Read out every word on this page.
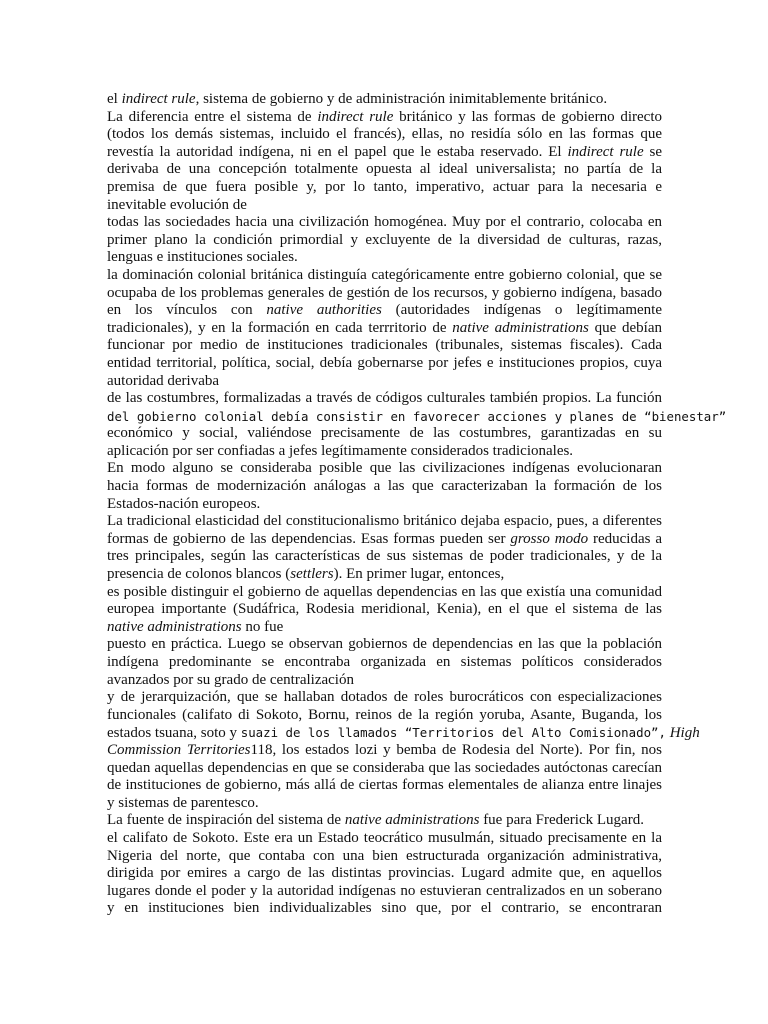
el indirect rule, sistema de gobierno y de administración inimitablemente británico.
La diferencia entre el sistema de indirect rule británico y las formas de gobierno directo
(todos los demás sistemas, incluido el francés), ellas, no residía sólo en las formas que
revestía la autoridad indígena, ni en el papel que le estaba reservado. El indirect rule se
derivaba de una concepción totalmente opuesta al ideal universalista; no partía de la
premisa de que fuera posible y, por lo tanto, imperativo, actuar para la necesaria e
inevitable evolución de
todas las sociedades hacia una civilización homogénea. Muy por el contrario, colocaba en
primer plano la condición primordial y excluyente de la diversidad de culturas, razas,
lenguas e instituciones sociales.
la dominación colonial británica distinguía categóricamente entre gobierno colonial, que se
ocupaba de los problemas generales de gestión de los recursos, y gobierno indígena, basado
en los vínculos con native authorities (autoridades indígenas o legítimamente
tradicionales), y en la formación en cada terrritorio de native administrations que debían
funcionar por medio de instituciones tradicionales (tribunales, sistemas fiscales). Cada
entidad territorial, política, social, debía gobernarse por jefes e instituciones propios, cuya
autoridad derivaba
de las costumbres, formalizadas a través de códigos culturales también propios. La función
del gobierno colonial debía consistir en favorecer acciones y planes de “bienestar”
económico y social, valiéndose precisamente de las costumbres, garantizadas en su
aplicación por ser confiadas a jefes legítimamente considerados tradicionales.
En modo alguno se consideraba posible que las civilizaciones indígenas evolucionaran
hacia formas de modernización análogas a las que caracterizaban la formación de los
Estados-nación europeos.
La tradicional elasticidad del constitucionalismo británico dejaba espacio, pues, a diferentes
formas de gobierno de las dependencias. Esas formas pueden ser grosso modo reducidas a
tres principales, según las características de sus sistemas de poder tradicionales, y de la
presencia de colonos blancos (settlers). En primer lugar, entonces,
es posible distinguir el gobierno de aquellas dependencias en las que existía una comunidad
europea importante (Sudáfrica, Rodesia meridional, Kenia), en el que el sistema de las
native administrations no fue
puesto en práctica. Luego se observan gobiernos de dependencias en las que la población
indígena predominante se encontraba organizada en sistemas políticos considerados
avanzados por su grado de centralización
y de jerarquización, que se hallaban dotados de roles burocráticos con especializaciones
funcionales (califato di Sokoto, Bornu, reinos de la región yoruba, Asante, Buganda, los
estados tsuana, soto y suazi de los llamados “Territorios del Alto Comisionado”, High
Commission Territories118, los estados lozi y bemba de Rodesia del Norte). Por fin, nos
quedan aquellas dependencias en que se consideraba que las sociedades autóctonas carecían
de instituciones de gobierno, más allá de ciertas formas elementales de alianza entre linajes
y sistemas de parentesco.
La fuente de inspiración del sistema de native administrations fue para Frederick Lugard.
el califato de Sokoto. Este era un Estado teocrático musulmán, situado precisamente en la
Nigeria del norte, que contaba con una bien estructurada organización administrativa,
dirigida por emires a cargo de las distintas provincias. Lugard admite que, en aquellos
lugares donde el poder y la autoridad indígenas no estuvieran centralizados en un soberano
y en instituciones bien individualizables sino que, por el contrario, se encontraran
